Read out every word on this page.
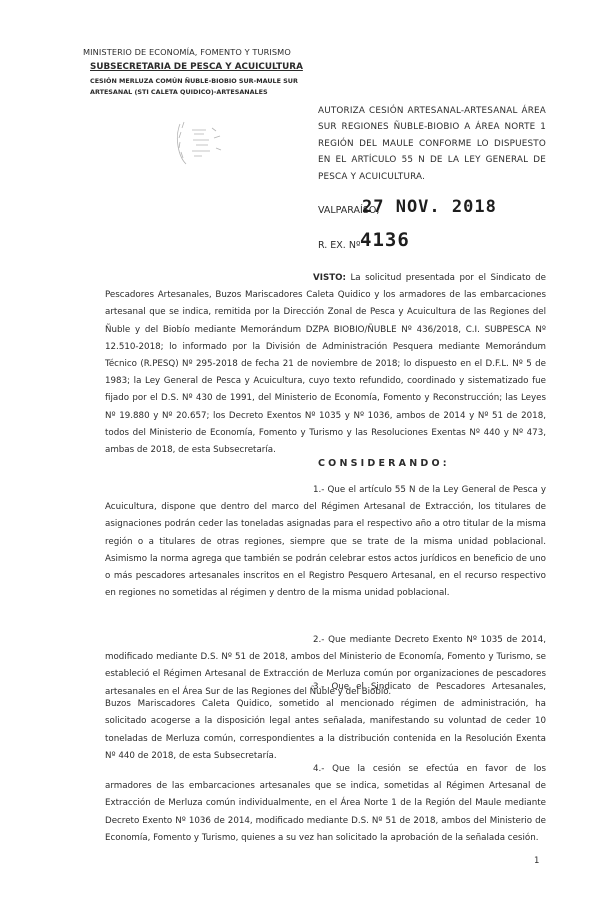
MINISTERIO DE ECONOMÍA, FOMENTO Y TURISMO
SUBSECRETARIA DE PESCA Y ACUICULTURA
CESIÓN MERLUZA COMÚN ÑUBLE-BIOBIO SUR-MAULE SUR
ARTESANAL (STI CALETA QUIDICO)-ARTESANALES
AUTORIZA CESIÓN ARTESANAL-ARTESANAL ÁREA SUR REGIONES ÑUBLE-BIOBIO A ÁREA NORTE 1 REGIÓN DEL MAULE CONFORME LO DISPUESTO EN EL ARTÍCULO 55 N DE LA LEY GENERAL DE PESCA Y ACUICULTURA.
VALPARAÍSO,
27 NOV. 2018
R. EX. Nº 4136

VISTO: La solicitud presentada por el Sindicato de Pescadores Artesanales, Buzos Mariscadores Caleta Quidico y los armadores de las embarcaciones artesanal que se indica, remitida por la Dirección Zonal de Pesca y Acuicultura de las Regiones del Ñuble y del Biobío mediante Memorándum DZPA BIOBIO/ÑUBLE Nº 436/2018, C.I. SUBPESCA Nº 12.510-2018; lo informado por la División de Administración Pesquera mediante Memorándum Técnico (R.PESQ) Nº 295-2018 de fecha 21 de noviembre de 2018; lo dispuesto en el D.F.L. Nº 5 de 1983; la Ley General de Pesca y Acuicultura, cuyo texto refundido, coordinado y sistematizado fue fijado por el D.S. Nº 430 de 1991, del Ministerio de Economía, Fomento y Reconstrucción; las Leyes Nº 19.880 y Nº 20.657; los Decreto Exentos Nº 1035 y Nº 1036, ambos de 2014 y Nº 51 de 2018, todos del Ministerio de Economía, Fomento y Turismo y las Resoluciones Exentas Nº 440 y Nº 473, ambas de 2018, de esta Subsecretaría.

CONSIDERANDO:

1.- Que el artículo 55 N de la Ley General de Pesca y Acuicultura, dispone que dentro del marco del Régimen Artesanal de Extracción, los titulares de asignaciones podrán ceder las toneladas asignadas para el respectivo año a otro titular de la misma región o a titulares de otras regiones, siempre que se trate de la misma unidad poblacional. Asimismo la norma agrega que también se podrán celebrar estos actos jurídicos en beneficio de uno o más pescadores artesanales inscritos en el Registro Pesquero Artesanal, en el recurso respectivo en regiones no sometidas al régimen y dentro de la misma unidad poblacional.

2.- Que mediante Decreto Exento Nº 1035 de 2014, modificado mediante D.S. Nº 51 de 2018, ambos del Ministerio de Economía, Fomento y Turismo, se estableció el Régimen Artesanal de Extracción de Merluza común por organizaciones de pescadores artesanales en el Área Sur de las Regiones del Ñuble y del Biobío.

3.- Que el Sindicato de Pescadores Artesanales, Buzos Mariscadores Caleta Quidico, sometido al mencionado régimen de administración, ha solicitado acogerse a la disposición legal antes señalada, manifestando su voluntad de ceder 10 toneladas de Merluza común, correspondientes a la distribución contenida en la Resolución Exenta Nº 440 de 2018, de esta Subsecretaría.

4.- Que la cesión se efectúa en favor de los armadores de las embarcaciones artesanales que se indica, sometidas al Régimen Artesanal de Extracción de Merluza común individualmente, en el Área Norte 1 de la Región del Maule mediante Decreto Exento Nº 1036 de 2014, modificado mediante D.S. Nº 51 de 2018, ambos del Ministerio de Economía, Fomento y Turismo, quienes a su vez han solicitado la aprobación de la señalada cesión.

1
